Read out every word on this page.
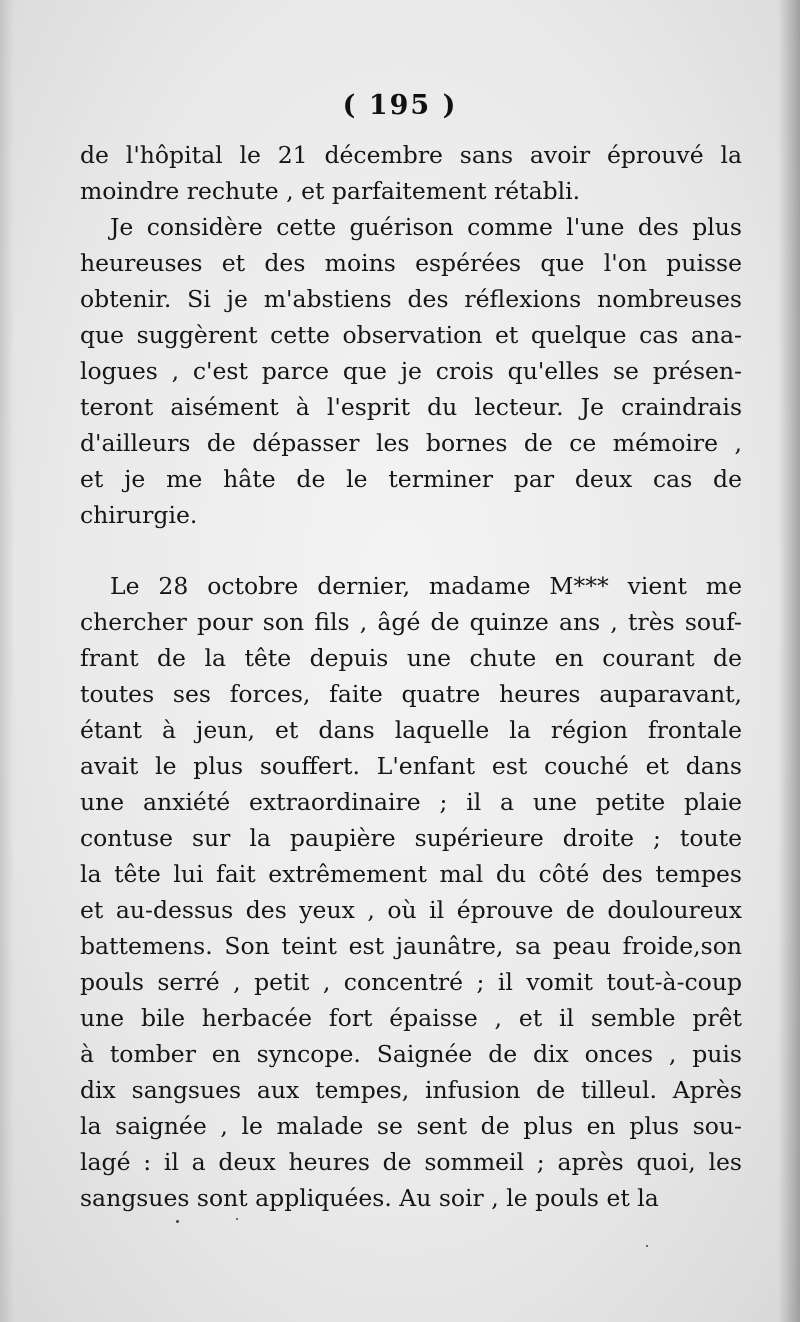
( 195 )
de l'hôpital le 21 décembre sans avoir éprouvé la
moindre rechute , et parfaitement rétabli.
Je considère cette guérison comme l'une des plus
heureuses et des moins espérées que l'on puisse
obtenir. Si je m'abstiens des réflexions nombreuses
que suggèrent cette observation et quelque cas ana-
logues , c'est parce que je crois qu'elles se présen-
teront aisément à l'esprit du lecteur. Je craindrais
d'ailleurs de dépasser les bornes de ce mémoire ,
et je me hâte de le terminer par deux cas de
chirurgie.
Le 28 octobre dernier, madame M*** vient me
chercher pour son fils , âgé de quinze ans , très souf-
frant de la tête depuis une chute en courant de
toutes ses forces, faite quatre heures auparavant,
étant à jeun, et dans laquelle la région frontale
avait le plus souffert. L'enfant est couché et dans
une anxiété extraordinaire ; il a une petite plaie
contuse sur la paupière supérieure droite ; toute
la tête lui fait extrêmement mal du côté des tempes
et au-dessus des yeux , où il éprouve de douloureux
battemens. Son teint est jaunâtre, sa peau froide,son
pouls serré , petit , concentré ; il vomit tout-à-coup
une bile herbacée fort épaisse , et il semble prêt
à tomber en syncope. Saignée de dix onces , puis
dix sangsues aux tempes, infusion de tilleul. Après
la saignée , le malade se sent de plus en plus sou-
lagé : il a deux heures de sommeil ; après quoi, les
sangsues sont appliquées. Au soir , le pouls et la
